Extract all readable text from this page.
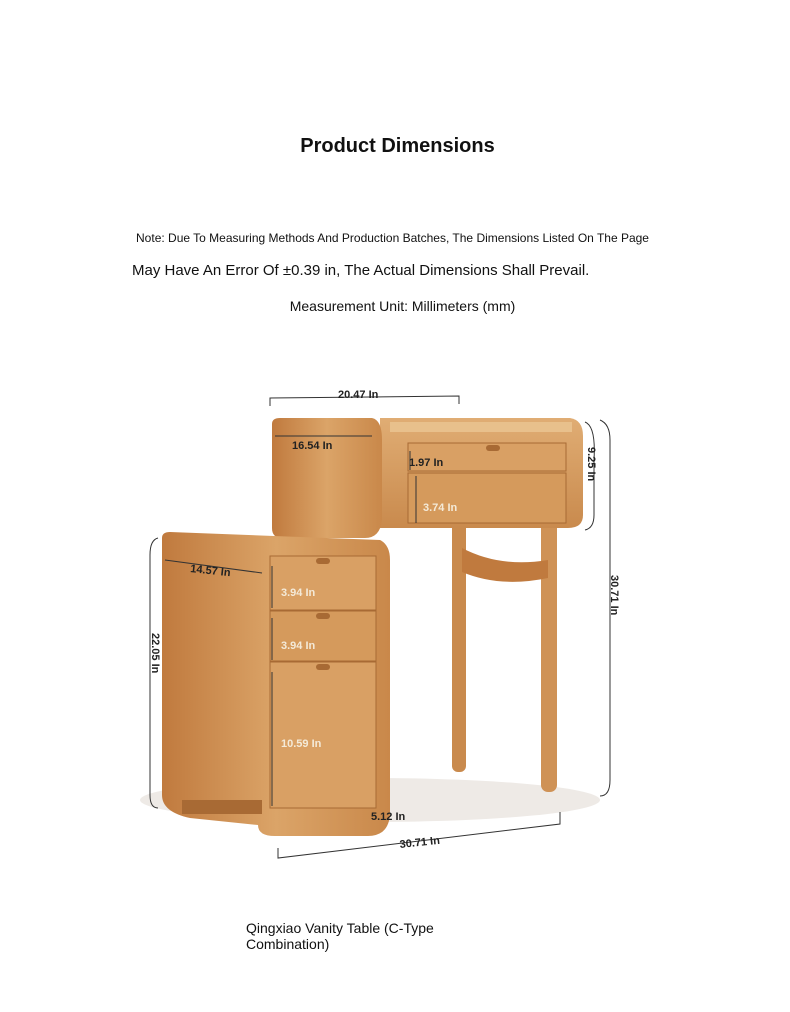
Product Dimensions
Note: Due To Measuring Methods And Production Batches, The Dimensions Listed On The Page
May Have An Error Of ±0.39 in, The Actual Dimensions Shall Prevail.
Measurement Unit: Millimeters (mm)
20.47 In
16.54 In
1.97 In
3.74 In
9.25 In
30.71 In
14.57 In
22.05 In
3.94 In
3.94 In
10.59 In
5.12 In
30.71 In
Qingxiao Vanity Table (C-Type Combination)
